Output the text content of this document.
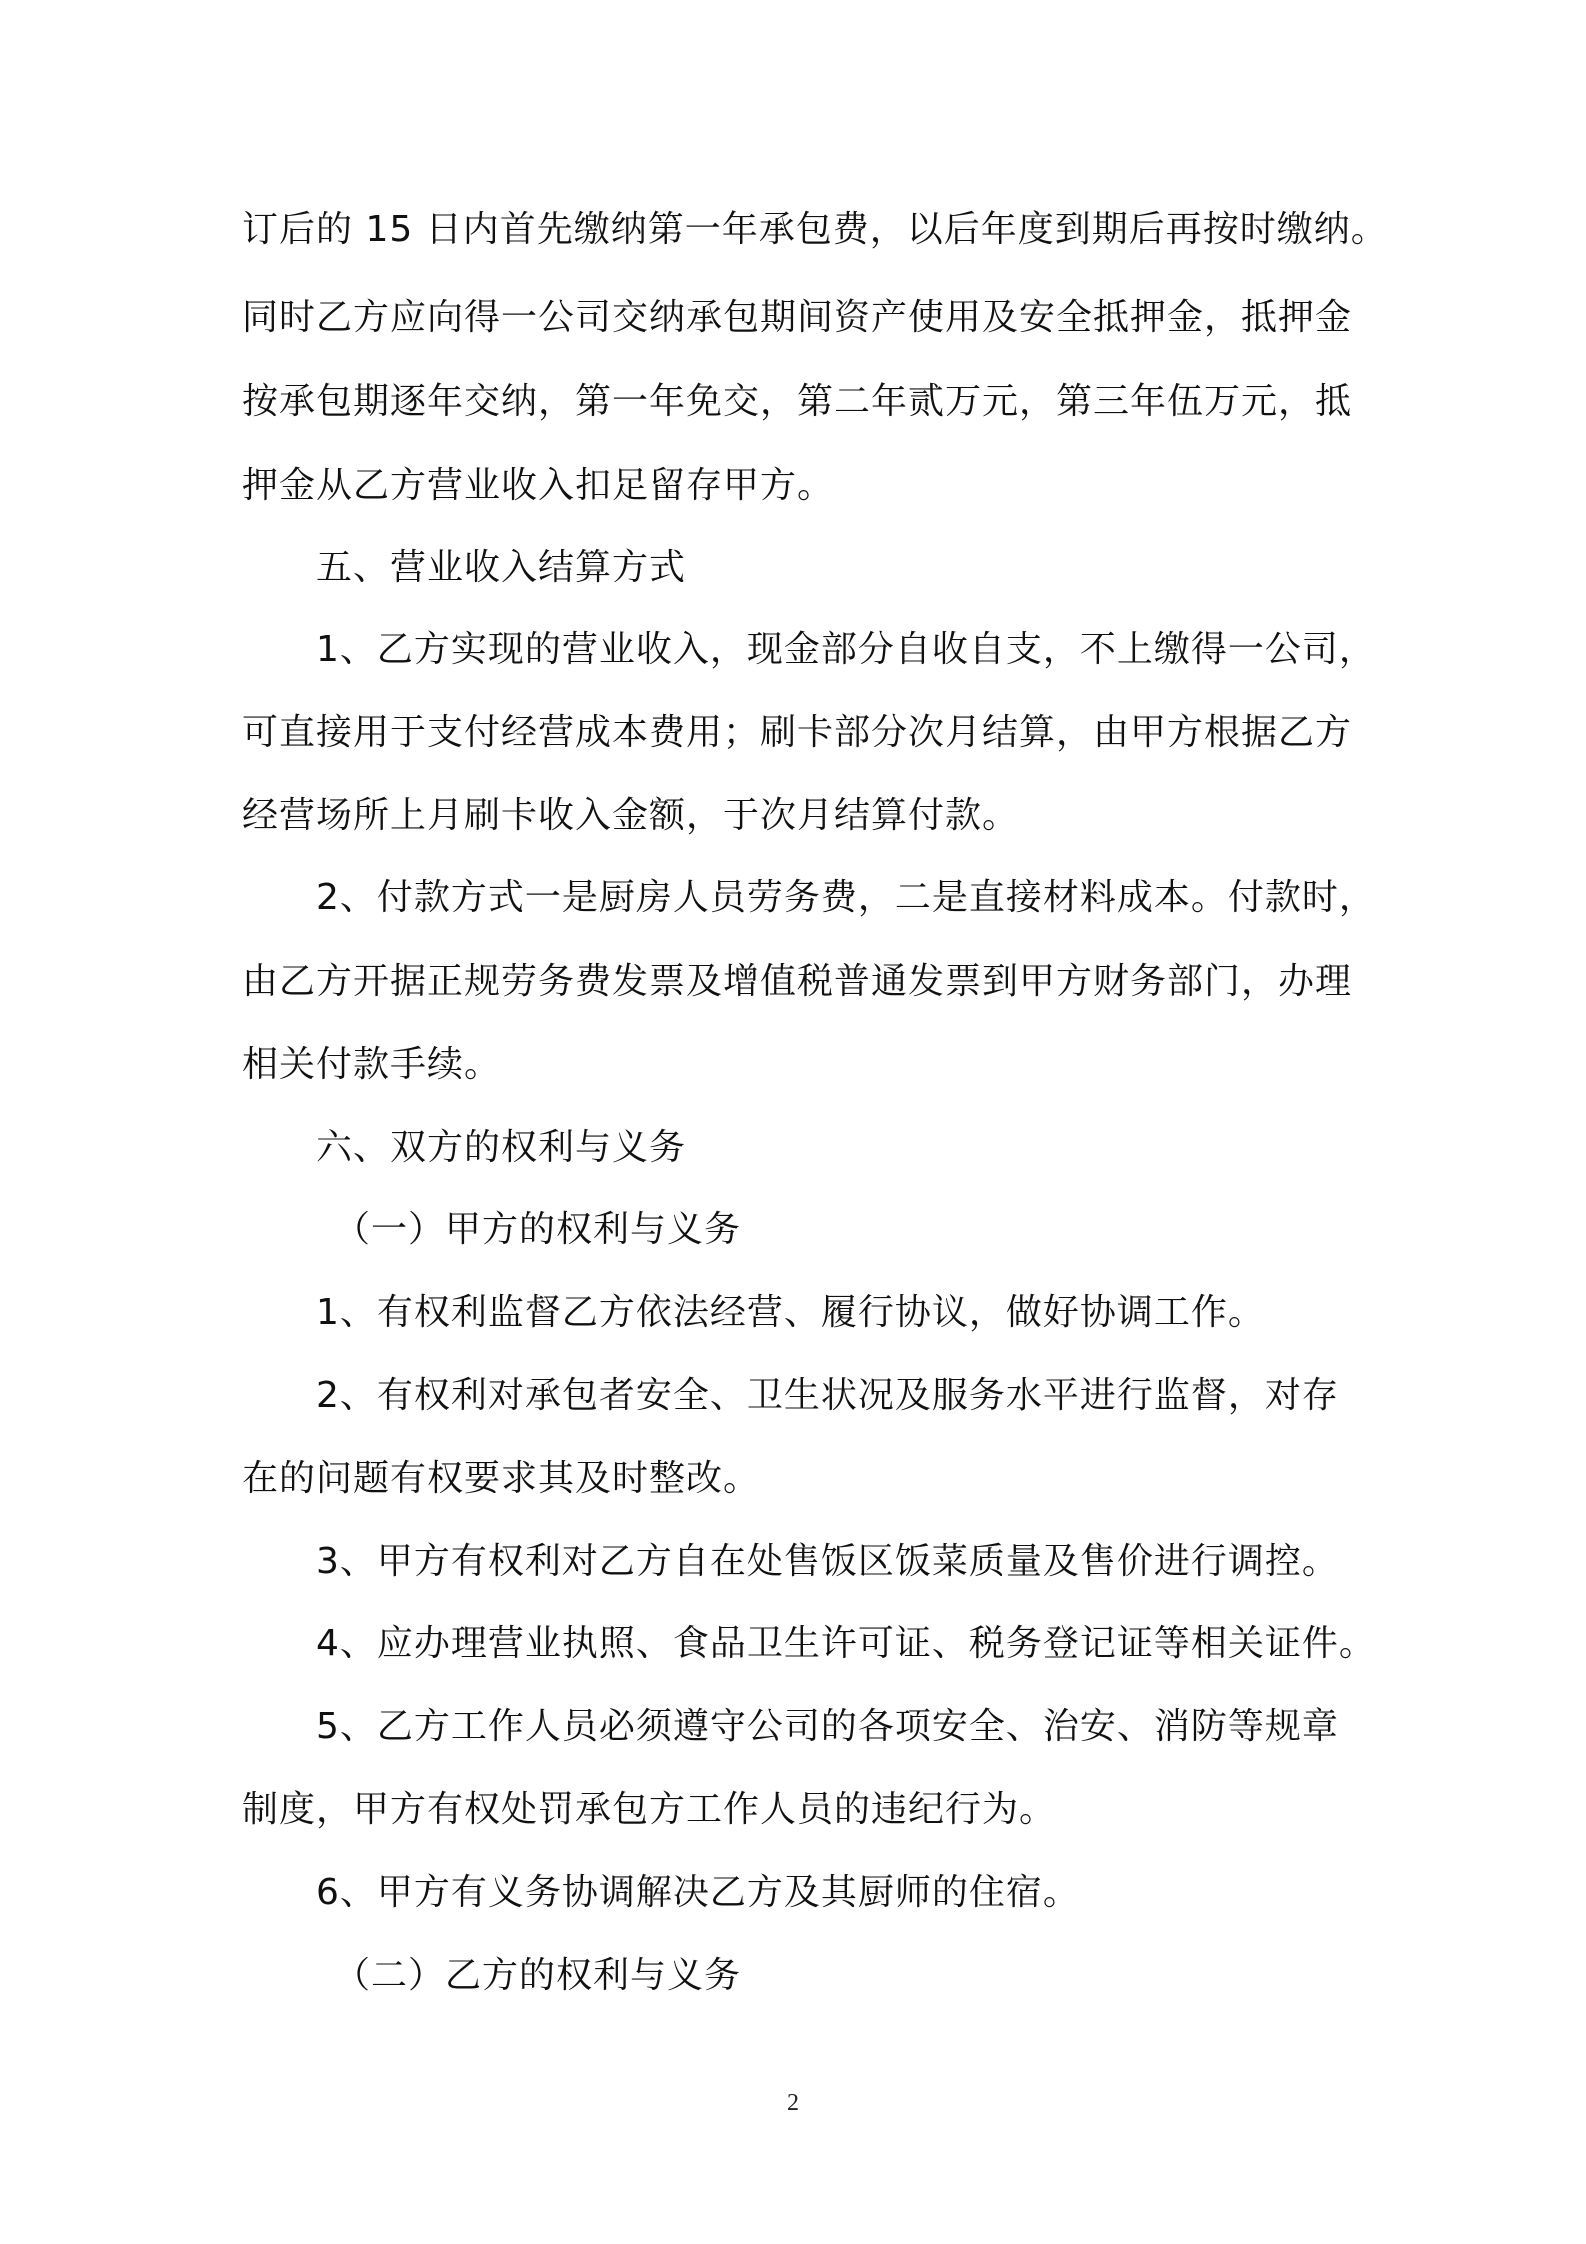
订后的 15 日内首先缴纳第一年承包费，以后年度到期后再按时缴纳。
同时乙方应向得一公司交纳承包期间资产使用及安全抵押金，抵押金
按承包期逐年交纳，第一年免交，第二年贰万元，第三年伍万元，抵
押金从乙方营业收入扣足留存甲方。
五、营业收入结算方式
1、乙方实现的营业收入，现金部分自收自支，不上缴得一公司，
可直接用于支付经营成本费用；刷卡部分次月结算，由甲方根据乙方
经营场所上月刷卡收入金额，于次月结算付款。
2、付款方式一是厨房人员劳务费，二是直接材料成本。付款时，
由乙方开据正规劳务费发票及增值税普通发票到甲方财务部门，办理
相关付款手续。
六、双方的权利与义务
（一）甲方的权利与义务
1、有权利监督乙方依法经营、履行协议，做好协调工作。
2、有权利对承包者安全、卫生状况及服务水平进行监督，对存
在的问题有权要求其及时整改。
3、甲方有权利对乙方自在处售饭区饭菜质量及售价进行调控。
4、应办理营业执照、食品卫生许可证、税务登记证等相关证件。
5、乙方工作人员必须遵守公司的各项安全、治安、消防等规章
制度，甲方有权处罚承包方工作人员的违纪行为。
6、甲方有义务协调解决乙方及其厨师的住宿。
（二）乙方的权利与义务
2
